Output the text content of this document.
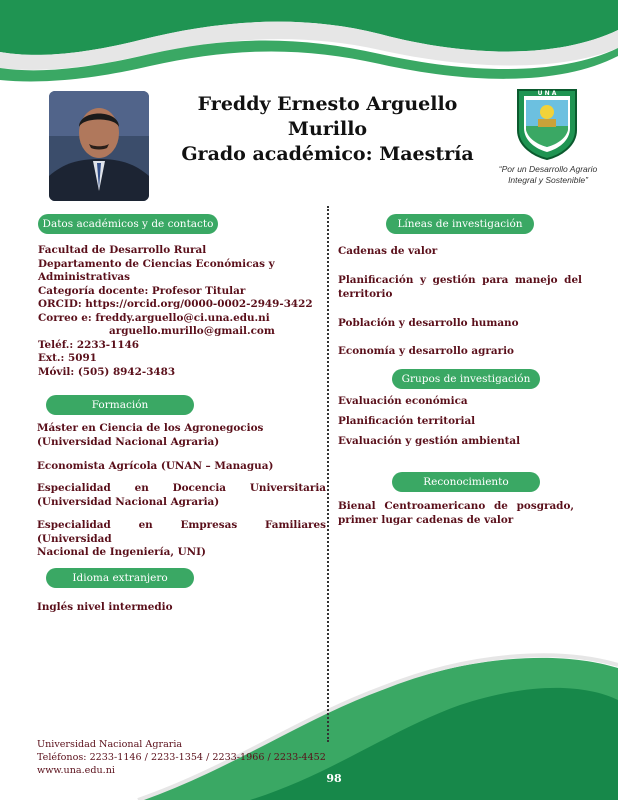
Freddy Ernesto Arguello Murillo
Grado académico: Maestría
U N A
“Por un Desarrollo Agrario
Integral y Sostenible”
Datos académicos y de contacto	Líneas de investigación
Formación
Grupos de investigación
Reconocimiento
Idioma extranjero
Facultad de Desarrollo Rural
Departamento de Ciencias Económicas y
Administrativas
Categoría docente: Profesor Titular
ORCID: https://orcid.org/0000-0002-2949-3422
Correo e: freddy.arguello@ci.una.edu.ni
arguello.murillo@gmail.com
Teléf.: 2233-1146
Ext.: 5091
Móvil: (505) 8942-3483
Máster en Ciencia de los Agronegocios
(Universidad Nacional Agraria)
Economista Agrícola (UNAN – Managua)
Especialidad en Docencia Universitaria
(Universidad Nacional Agraria)
Especialidad en Empresas Familiares (Universidad
Nacional de Ingeniería, UNI)
Inglés nivel intermedio
Cadenas de valor
Planificación y gestión para manejo del
territorio
Población y desarrollo humano
Economía y desarrollo agrario
Evaluación económica
Planificación territorial
Evaluación y gestión ambiental
Bienal Centroamericano de posgrado,
primer lugar cadenas de valor
Universidad Nacional Agraria
Teléfonos: 2233-1146 / 2233-1354 / 2233-1966 / 2233-4452
www.una.edu.ni
98
